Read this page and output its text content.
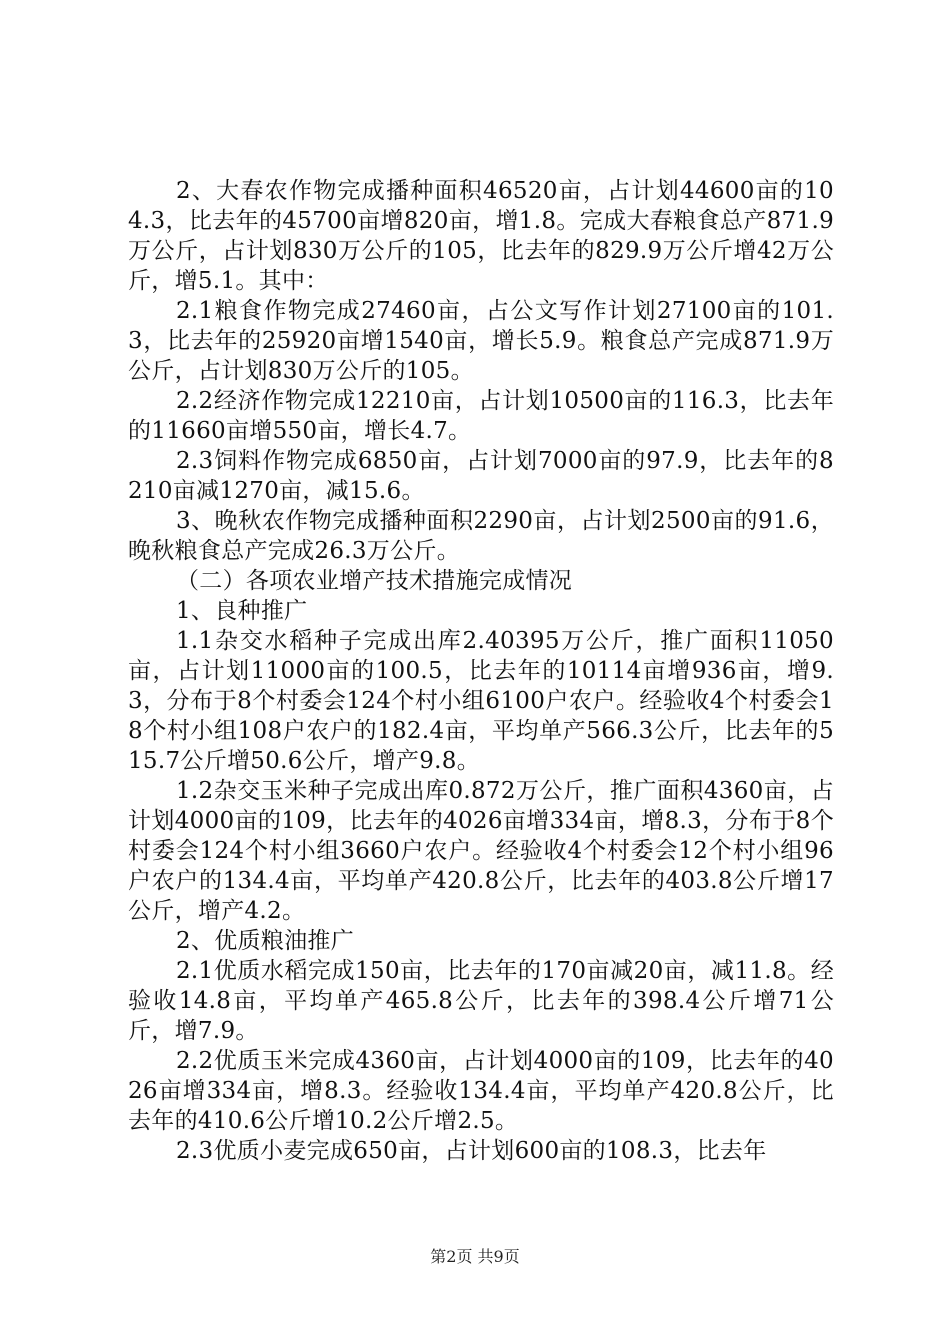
2、大春农作物完成播种面积46520亩，占计划44600亩的104.3，比去年的45700亩增820亩，增1.8。完成大春粮食总产871.9万公斤，占计划830万公斤的105，比去年的829.9万公斤增42万公斤，增5.1。其中：

2.1粮食作物完成27460亩，占公文写作计划27100亩的101.3，比去年的25920亩增1540亩，增长5.9。粮食总产完成871.9万公斤，占计划830万公斤的105。

2.2经济作物完成12210亩，占计划10500亩的116.3，比去年的11660亩增550亩，增长4.7。

2.3饲料作物完成6850亩，占计划7000亩的97.9，比去年的8210亩减1270亩，减15.6。

3、晚秋农作物完成播种面积2290亩，占计划2500亩的91.6，晚秋粮食总产完成26.3万公斤。

（二）各项农业增产技术措施完成情况

1、良种推广

1.1杂交水稻种子完成出库2.40395万公斤，推广面积11050亩，占计划11000亩的100.5，比去年的10114亩增936亩，增9.3，分布于8个村委会124个村小组6100户农户。经验收4个村委会18个村小组108户农户的182.4亩，平均单产566.3公斤，比去年的515.7公斤增50.6公斤，增产9.8。

1.2杂交玉米种子完成出库0.872万公斤，推广面积4360亩，占计划4000亩的109，比去年的4026亩增334亩，增8.3，分布于8个村委会124个村小组3660户农户。经验收4个村委会12个村小组96户农户的134.4亩，平均单产420.8公斤，比去年的403.8公斤增17公斤，增产4.2。

2、优质粮油推广

2.1优质水稻完成150亩，比去年的170亩减20亩，减11.8。经验收14.8亩，平均单产465.8公斤，比去年的398.4公斤增71公斤，增7.9。

2.2优质玉米完成4360亩，占计划4000亩的109，比去年的4026亩增334亩，增8.3。经验收134.4亩，平均单产420.8公斤，比去年的410.6公斤增10.2公斤增2.5。

2.3优质小麦完成650亩，占计划600亩的108.3，比去年

第2页 共9页
